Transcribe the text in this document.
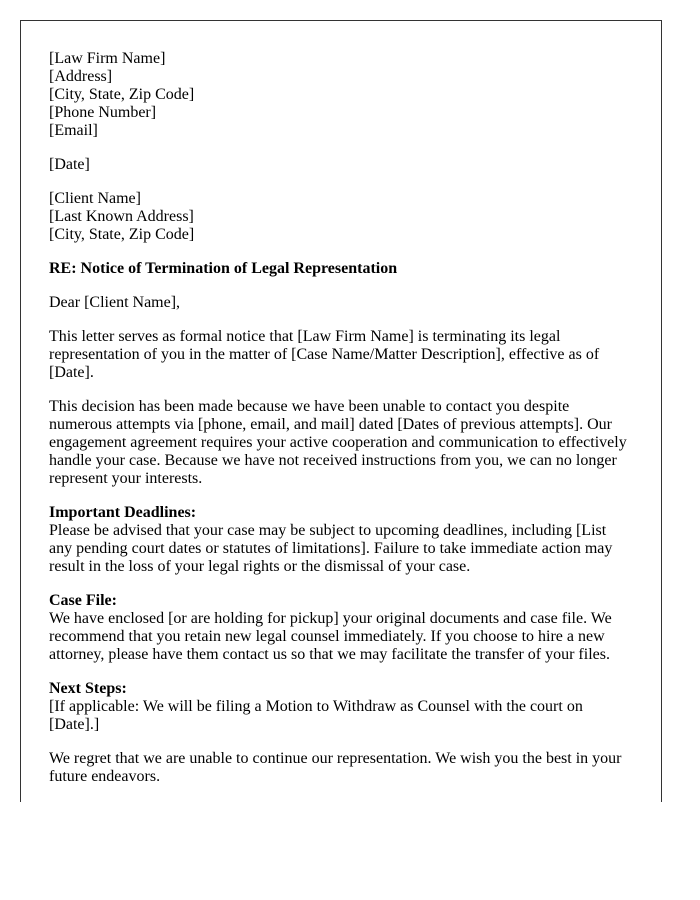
[Law Firm Name]
[Address]
[City, State, Zip Code]
[Phone Number]
[Email]

[Date]

[Client Name]
[Last Known Address]
[City, State, Zip Code]

RE: Notice of Termination of Legal Representation

Dear [Client Name],

This letter serves as formal notice that [Law Firm Name] is terminating its legal representation of you in the matter of [Case Name/Matter Description], effective as of [Date].

This decision has been made because we have been unable to contact you despite numerous attempts via [phone, email, and mail] dated [Dates of previous attempts]. Our engagement agreement requires your active cooperation and communication to effectively handle your case. Because we have not received instructions from you, we can no longer represent your interests.

Important Deadlines:
Please be advised that your case may be subject to upcoming deadlines, including [List any pending court dates or statutes of limitations]. Failure to take immediate action may result in the loss of your legal rights or the dismissal of your case.

Case File:
We have enclosed [or are holding for pickup] your original documents and case file. We recommend that you retain new legal counsel immediately. If you choose to hire a new attorney, please have them contact us so that we may facilitate the transfer of your files.

Next Steps:
[If applicable: We will be filing a Motion to Withdraw as Counsel with the court on [Date].]

We regret that we are unable to continue our representation. We wish you the best in your future endeavors.
